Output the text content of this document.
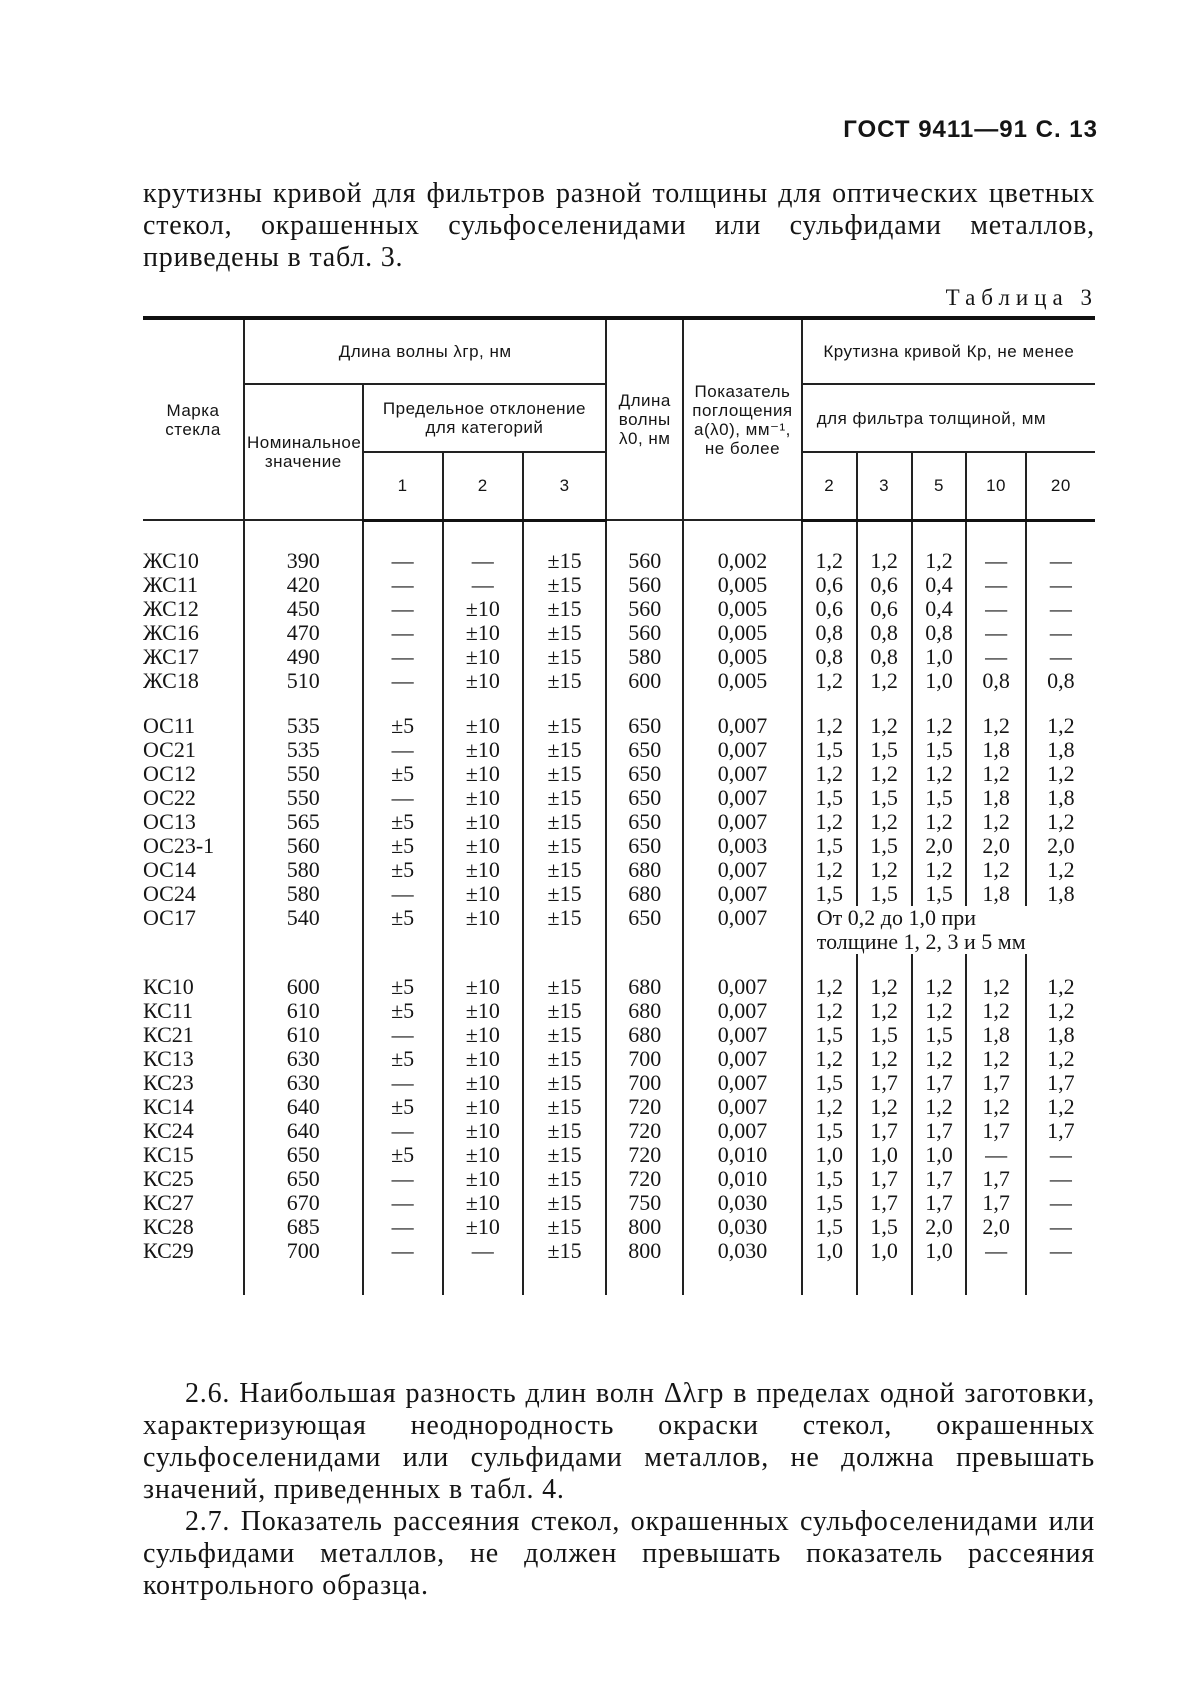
ГОСТ 9411—91 С. 13
крутизны кривой для фильтров разной толщины для оптических цветных стекол, окрашенных сульфоселенидами или сульфидами металлов, приведены в табл. 3.
Таблица 3
Марка стекла	Длина волны λгр, нм				Длина волны λ0, нм	Показатель поглощения a(λ0), мм⁻¹, не более	Крутизна кривой Кр, не менее				
	Номинальное значение	Предельное отклонение для категорий					для фильтра толщиной, мм				
		1	2	3			2	3	5	10	20

ЖС10	390	—	—	±15	560	0,002	1,2	1,2	1,2	—	—
ЖС11	420	—	—	±15	560	0,005	0,6	0,6	0,4	—	—
ЖС12	450	—	±10	±15	560	0,005	0,6	0,6	0,4	—	—
ЖС16	470	—	±10	±15	560	0,005	0,8	0,8	0,8	—	—
ЖС17	490	—	±10	±15	580	0,005	0,8	0,8	1,0	—	—
ЖС18	510	—	±10	±15	600	0,005	1,2	1,2	1,0	0,8	0,8

ОС11	535	±5	±10	±15	650	0,007	1,2	1,2	1,2	1,2	1,2
ОС21	535	—	±10	±15	650	0,007	1,5	1,5	1,5	1,8	1,8
ОС12	550	±5	±10	±15	650	0,007	1,2	1,2	1,2	1,2	1,2
ОС22	550	—	±10	±15	650	0,007	1,5	1,5	1,5	1,8	1,8
ОС13	565	±5	±10	±15	650	0,007	1,2	1,2	1,2	1,2	1,2
ОС23-1	560	±5	±10	±15	650	0,003	1,5	1,5	2,0	2,0	2,0
ОС14	580	±5	±10	±15	680	0,007	1,2	1,2	1,2	1,2	1,2
ОС24	580	—	±10	±15	680	0,007	1,5	1,5	1,5	1,8	1,8
ОС17	540	±5	±10	±15	650	0,007	От 0,2 до 1,0 при				
							толщине 1, 2, 3 и 5 мм				

КС10	600	±5	±10	±15	680	0,007	1,2	1,2	1,2	1,2	1,2
КС11	610	±5	±10	±15	680	0,007	1,2	1,2	1,2	1,2	1,2
КС21	610	—	±10	±15	680	0,007	1,5	1,5	1,5	1,8	1,8
КС13	630	±5	±10	±15	700	0,007	1,2	1,2	1,2	1,2	1,2
КС23	630	—	±10	±15	700	0,007	1,5	1,7	1,7	1,7	1,7
КС14	640	±5	±10	±15	720	0,007	1,2	1,2	1,2	1,2	1,2
КС24	640	—	±10	±15	720	0,007	1,5	1,7	1,7	1,7	1,7
КС15	650	±5	±10	±15	720	0,010	1,0	1,0	1,0	—	—
КС25	650	—	±10	±15	720	0,010	1,5	1,7	1,7	1,7	—
КС27	670	—	±10	±15	750	0,030	1,5	1,7	1,7	1,7	—
КС28	685	—	±10	±15	800	0,030	1,5	1,5	2,0	2,0	—
КС29	700	—	—	±15	800	0,030	1,0	1,0	1,0	—	—

2.6. Наибольшая разность длин волн Δλгр в пределах одной заготовки, характеризующая неоднородность окраски стекол, окрашенных сульфоселенидами или сульфидами металлов, не должна превышать значений, приведенных в табл. 4.

2.7. Показатель рассеяния стекол, окрашенных сульфоселенидами или сульфидами металлов, не должен превышать показатель рассеяния контрольного образца.
